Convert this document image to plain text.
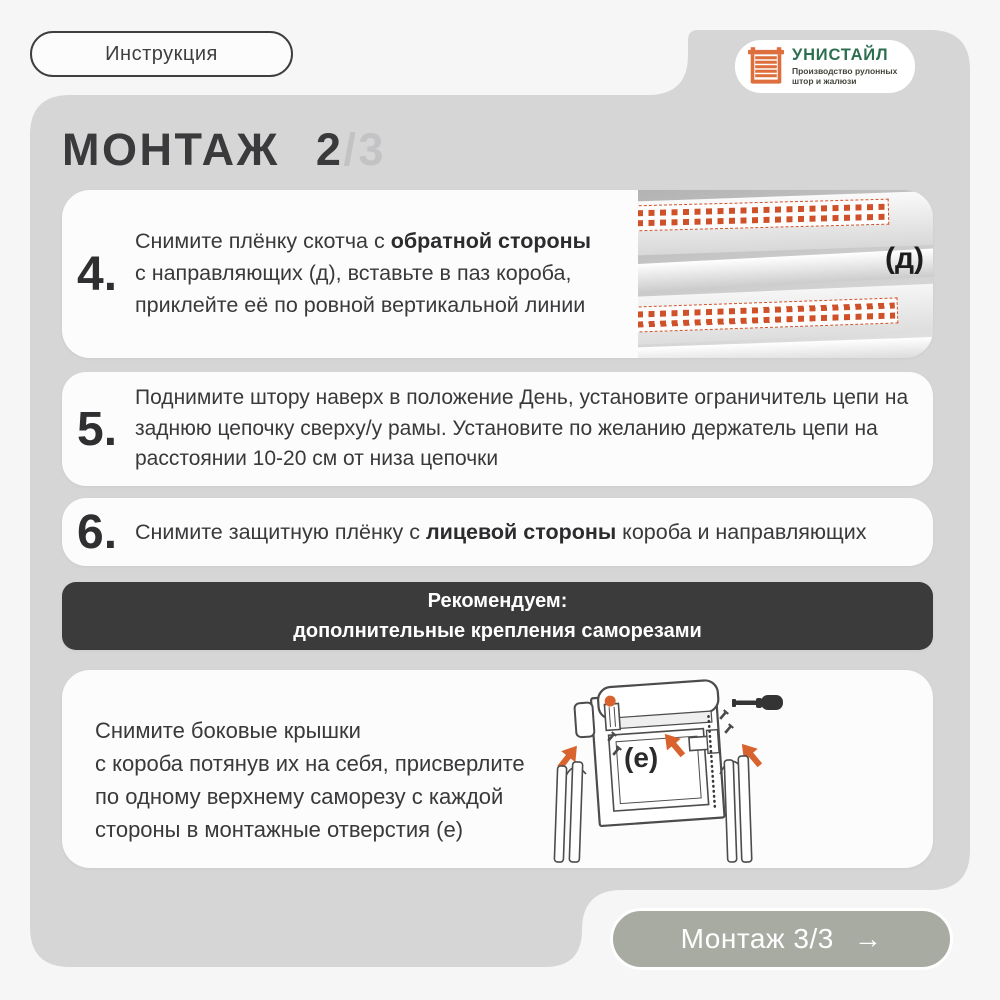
Инструкция	УНИСТАЙЛ
Производство рулонных
штор и жалюзи
МОНТАЖ 2/3
4.
Снимите плёнку скотча с обратной стороны с направляющих (д), вставьте в паз короба, приклейте её по ровной вертикальной линии
(д)
5.
Поднимите штору наверх в положение День, установите ограничитель цепи на заднюю цепочку сверху/у рамы. Установите по желанию держатель цепи на расстоянии 10-20 см от низа цепочки
6. Снимите защитную плёнку с лицевой стороны короба и направляющих
Рекомендуем:
дополнительные крепления саморезами
Снимите боковые крышки
с короба потянув их на себя, присверлите
по одному верхнему саморезу с каждой
стороны в монтажные отверстия (е)
(е)
Монтаж 3/3 →
